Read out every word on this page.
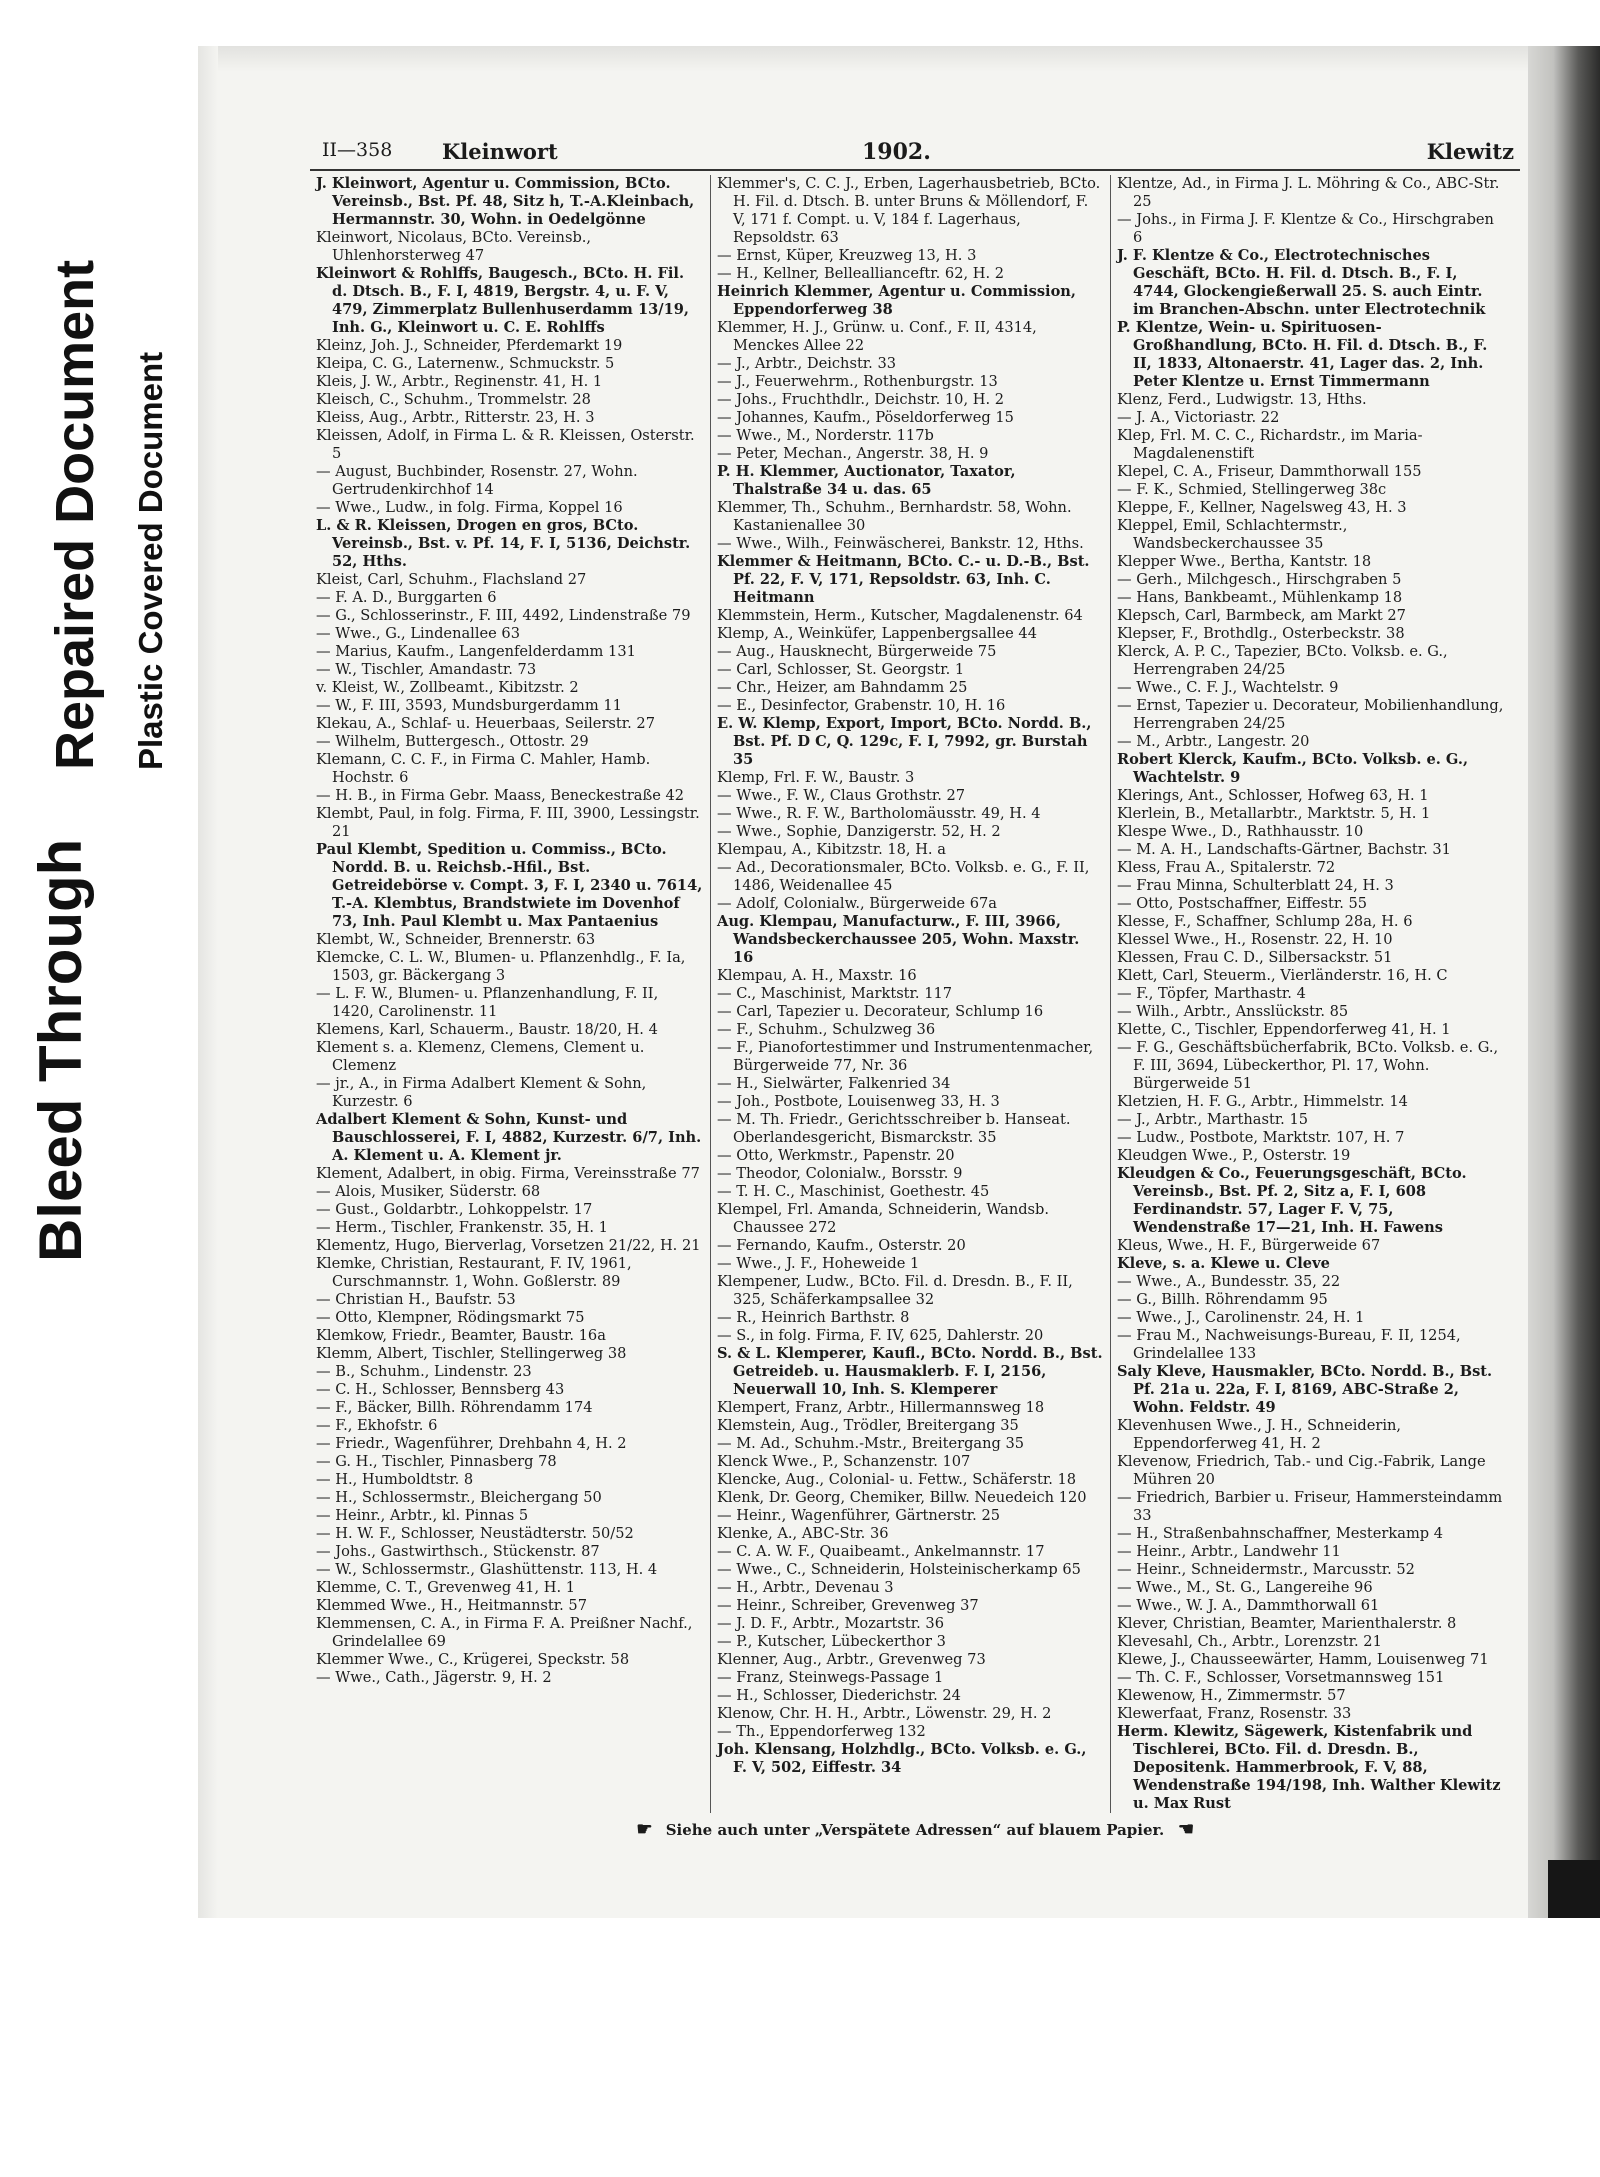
Bleed Through
Repaired Document Plastic Covered Document
II—358 Kleinwort	1902.	Klewitz

J. Kleinwort, Agentur u. Commission, BCto. Vereinsb., Bst. Pf. 48, Sitz h, T.-A.Kleinbach, Hermannstr. 30, Wohn. in Oedelgönne

Kleinwort, Nicolaus, BCto. Vereinsb., Uhlenhorsterweg 47

Kleinwort & Rohlffs, Baugesch., BCto. H. Fil. d. Dtsch. B., F. I, 4819, Bergstr. 4, u. F. V, 479, Zimmerplatz Bullenhuserdamm 13/19, Inh. G., Kleinwort u. C. E. Rohlffs

Kleinz, Joh. J., Schneider, Pferdemarkt 19

Kleipa, C. G., Laternenw., Schmuckstr. 5

Kleis, J. W., Arbtr., Reginenstr. 41, H. 1

Kleisch, C., Schuhm., Trommelstr. 28

Kleiss, Aug., Arbtr., Ritterstr. 23, H. 3

Kleissen, Adolf, in Firma L. & R. Kleissen, Osterstr. 5

— August, Buchbinder, Rosenstr. 27, Wohn. Gertrudenkirchhof 14

— Wwe., Ludw., in folg. Firma, Koppel 16

L. & R. Kleissen, Drogen en gros, BCto. Vereinsb., Bst. v. Pf. 14, F. I, 5136, Deichstr. 52, Hths.

Kleist, Carl, Schuhm., Flachsland 27

— F. A. D., Burggarten 6

— G., Schlosserinstr., F. III, 4492, Lindenstraße 79

— Wwe., G., Lindenallee 63

— Marius, Kaufm., Langenfelderdamm 131

— W., Tischler, Amandastr. 73

v. Kleist, W., Zollbeamt., Kibitzstr. 2

— W., F. III, 3593, Mundsburgerdamm 11

Klekau, A., Schlaf- u. Heuerbaas, Seilerstr. 27

— Wilhelm, Buttergesch., Ottostr. 29

Klemann, C. C. F., in Firma C. Mahler, Hamb. Hochstr. 6

— H. B., in Firma Gebr. Maass, Beneckestraße 42

Klembt, Paul, in folg. Firma, F. III, 3900, Lessingstr. 21

Paul Klembt, Spedition u. Commiss., BCto. Nordd. B. u. Reichsb.-Hfil., Bst. Getreidebörse v. Compt. 3, F. I, 2340 u. 7614, T.-A. Klembtus, Brandstwiete im Dovenhof 73, Inh. Paul Klembt u. Max Pantaenius

Klembt, W., Schneider, Brennerstr. 63

Klemcke, C. L. W., Blumen- u. Pflanzenhdlg., F. Ia, 1503, gr. Bäckergang 3

— L. F. W., Blumen- u. Pflanzenhandlung, F. II, 1420, Carolinenstr. 11

Klemens, Karl, Schauerm., Baustr. 18/20, H. 4

Klement s. a. Klemenz, Clemens, Clement u. Clemenz

— jr., A., in Firma Adalbert Klement & Sohn, Kurzestr. 6

Adalbert Klement & Sohn, Kunst- und Bauschlosserei, F. I, 4882, Kurzestr. 6/7, Inh. A. Klement u. A. Klement jr.

Klement, Adalbert, in obig. Firma, Vereinsstraße 77

— Alois, Musiker, Süderstr. 68

— Gust., Goldarbtr., Lohkoppelstr. 17

— Herm., Tischler, Frankenstr. 35, H. 1

Klementz, Hugo, Bierverlag, Vorsetzen 21/22, H. 21

Klemke, Christian, Restaurant, F. IV, 1961, Curschmannstr. 1, Wohn. Goßlerstr. 89

— Christian H., Baufstr. 53

— Otto, Klempner, Rödingsmarkt 75

Klemkow, Friedr., Beamter, Baustr. 16a

Klemm, Albert, Tischler, Stellingerweg 38

— B., Schuhm., Lindenstr. 23

— C. H., Schlosser, Bennsberg 43

— F., Bäcker, Billh. Röhrendamm 174

— F., Ekhofstr. 6

— Friedr., Wagenführer, Drehbahn 4, H. 2

— G. H., Tischler, Pinnasberg 78

— H., Humboldtstr. 8

— H., Schlossermstr., Bleichergang 50

— Heinr., Arbtr., kl. Pinnas 5

— H. W. F., Schlosser, Neustädterstr. 50/52

— Johs., Gastwirthsch., Stückenstr. 87

— W., Schlossermstr., Glashüttenstr. 113, H. 4

Klemme, C. T., Grevenweg 41, H. 1

Klemmed Wwe., H., Heitmannstr. 57

Klemmensen, C. A., in Firma F. A. Preißner Nachf., Grindelallee 69

Klemmer Wwe., C., Krügerei, Speckstr. 58

— Wwe., Cath., Jägerstr. 9, H. 2

Klemmer's, C. C. J., Erben, Lagerhausbetrieb, BCto. H. Fil. d. Dtsch. B. unter Bruns & Möllendorf, F. V, 171 f. Compt. u. V, 184 f. Lagerhaus, Repsoldstr. 63

— Ernst, Küper, Kreuzweg 13, H. 3

— H., Kellner, Belleallianceftr. 62, H. 2

Heinrich Klemmer, Agentur u. Commission, Eppendorferweg 38

Klemmer, H. J., Grünw. u. Conf., F. II, 4314, Menckes Allee 22

— J., Arbtr., Deichstr. 33

— J., Feuerwehrm., Rothenburgstr. 13

— Johs., Fruchthdlr., Deichstr. 10, H. 2

— Johannes, Kaufm., Pöseldorferweg 15

— Wwe., M., Norderstr. 117b

— Peter, Mechan., Angerstr. 38, H. 9

P. H. Klemmer, Auctionator, Taxator, Thalstraße 34 u. das. 65

Klemmer, Th., Schuhm., Bernhardstr. 58, Wohn. Kastanienallee 30

— Wwe., Wilh., Feinwäscherei, Bankstr. 12, Hths.

Klemmer & Heitmann, BCto. C.- u. D.-B., Bst. Pf. 22, F. V, 171, Repsoldstr. 63, Inh. C. Heitmann

Klemmstein, Herm., Kutscher, Magdalenenstr. 64

Klemp, A., Weinküfer, Lappenbergsallee 44

— Aug., Hausknecht, Bürgerweide 75

— Carl, Schlosser, St. Georgstr. 1

— Chr., Heizer, am Bahndamm 25

— E., Desinfector, Grabenstr. 10, H. 16

E. W. Klemp, Export, Import, BCto. Nordd. B., Bst. Pf. D C, Q. 129c, F. I, 7992, gr. Burstah 35

Klemp, Frl. F. W., Baustr. 3

— Wwe., F. W., Claus Grothstr. 27

— Wwe., R. F. W., Bartholomäusstr. 49, H. 4

— Wwe., Sophie, Danzigerstr. 52, H. 2

Klempau, A., Kibitzstr. 18, H. a

— Ad., Decorationsmaler, BCto. Volksb. e. G., F. II, 1486, Weidenallee 45

— Adolf, Colonialw., Bürgerweide 67a

Aug. Klempau, Manufacturw., F. III, 3966, Wandsbeckerchaussee 205, Wohn. Maxstr. 16

Klempau, A. H., Maxstr. 16

— C., Maschinist, Marktstr. 117

— Carl, Tapezier u. Decorateur, Schlump 16

— F., Schuhm., Schulzweg 36

— F., Pianofortestimmer und Instrumentenmacher, Bürgerweide 77, Nr. 36

— H., Sielwärter, Falkenried 34

— Joh., Postbote, Louisenweg 33, H. 3

— M. Th. Friedr., Gerichtsschreiber b. Hanseat. Oberlandesgericht, Bismarckstr. 35

— Otto, Werkmstr., Papenstr. 20

— Theodor, Colonialw., Borsstr. 9

— T. H. C., Maschinist, Goethestr. 45

Klempel, Frl. Amanda, Schneiderin, Wandsb. Chaussee 272

— Fernando, Kaufm., Osterstr. 20

— Wwe., J. F., Hoheweide 1

Klempener, Ludw., BCto. Fil. d. Dresdn. B., F. II, 325, Schäferkampsallee 32

— R., Heinrich Barthstr. 8

— S., in folg. Firma, F. IV, 625, Dahlerstr. 20

S. & L. Klemperer, Kaufl., BCto. Nordd. B., Bst. Getreidеb. u. Hausmaklerb. F. I, 2156, Neuerwall 10, Inh. S. Klemperer

Klempert, Franz, Arbtr., Hillermannsweg 18

Klemstein, Aug., Trödler, Breitergang 35

— M. Ad., Schuhm.-Mstr., Breitergang 35

Klenck Wwe., P., Schanzenstr. 107

Klencke, Aug., Colonial- u. Fettw., Schäferstr. 18

Klenk, Dr. Georg, Chemiker, Billw. Neuedeich 120

— Heinr., Wagenführer, Gärtnerstr. 25

Klenke, A., ABC-Str. 36

— C. A. W. F., Quaibeamt., Ankelmannstr. 17

— Wwe., C., Schneiderin, Holsteinischerkamp 65

— H., Arbtr., Devenau 3

— Heinr., Schreiber, Grevenweg 37

— J. D. F., Arbtr., Mozartstr. 36

— P., Kutscher, Lübeckerthor 3

Klenner, Aug., Arbtr., Grevenweg 73

— Franz, Steinwegs-Passage 1

— H., Schlosser, Diederichstr. 24

Klenow, Chr. H. H., Arbtr., Löwenstr. 29, H. 2

— Th., Eppendorferweg 132

Joh. Klensang, Holzhdlg., BCto. Volksb. e. G., F. V, 502, Eiffestr. 34

Klentze, Ad., in Firma J. L. Möhring & Co., ABC-Str. 25

— Johs., in Firma J. F. Klentze & Co., Hirschgraben 6

J. F. Klentze & Co., Electrotechnisches Geschäft, BCto. H. Fil. d. Dtsch. B., F. I, 4744, Glockengießerwall 25. S. auch Eintr. im Branchen-Abschn. unter Electrotechnik

P. Klentze, Wein- u. Spirituosen-Großhandlung, BCto. H. Fil. d. Dtsch. B., F. II, 1833, Altonaerstr. 41, Lager das. 2, Inh. Peter Klentze u. Ernst Timmermann

Klenz, Ferd., Ludwigstr. 13, Hths.

— J. A., Victoriastr. 22

Klep, Frl. M. C. C., Richardstr., im Maria-Magdalenenstift

Klepel, C. A., Friseur, Dammthorwall 155

— F. K., Schmied, Stellingerweg 38c

Kleppe, F., Kellner, Nagelsweg 43, H. 3

Kleppel, Emil, Schlachtermstr., Wandsbeckerchaussee 35

Klepper Wwe., Bertha, Kantstr. 18

— Gerh., Milchgesch., Hirschgraben 5

— Hans, Bankbeamt., Mühlenkamp 18

Klepsch, Carl, Barmbeck, am Markt 27

Klepser, F., Brothdlg., Osterbeckstr. 38

Klerck, A. P. C., Tapezier, BCto. Volksb. e. G., Herrengraben 24/25

— Wwe., C. F. J., Wachtelstr. 9

— Ernst, Tapezier u. Decorateur, Mobilienhandlung, Herrengraben 24/25

— M., Arbtr., Langestr. 20

Robert Klerck, Kaufm., BCto. Volksb. e. G., Wachtelstr. 9

Klerings, Ant., Schlosser, Hofweg 63, H. 1

Klerlein, B., Metallarbtr., Marktstr. 5, H. 1

Klespe Wwe., D., Rathhausstr. 10

— M. A. H., Landschafts-Gärtner, Bachstr. 31

Kless, Frau A., Spitalerstr. 72

— Frau Minna, Schulterblatt 24, H. 3

— Otto, Postschaffner, Eiffestr. 55

Klesse, F., Schaffner, Schlump 28a, H. 6

Klessel Wwe., H., Rosenstr. 22, H. 10

Klessen, Frau C. D., Silbersackstr. 51

Klett, Carl, Steuerm., Vierländerstr. 16, H. C

— F., Töpfer, Marthastr. 4

— Wilh., Arbtr., Ansslückstr. 85

Klette, C., Tischler, Eppendorferweg 41, H. 1

— F. G., Geschäftsbücherfabrik, BCto. Volksb. e. G., F. III, 3694, Lübeckerthor, Pl. 17, Wohn. Bürgerweide 51

Kletzien, H. F. G., Arbtr., Himmelstr. 14

— J., Arbtr., Marthastr. 15

— Ludw., Postbote, Marktstr. 107, H. 7

Kleudgen Wwe., P., Osterstr. 19

Kleudgen & Co., Feuerungsgeschäft, BCto. Vereinsb., Bst. Pf. 2, Sitz a, F. I, 608 Ferdinandstr. 57, Lager F. V, 75, Wendenstraße 17—21, Inh. H. Fawens

Kleus, Wwe., H. F., Bürgerweide 67

Kleve, s. a. Klewe u. Cleve

— Wwe., A., Bundesstr. 35, 22

— G., Billh. Röhrendamm 95

— Wwe., J., Carolinenstr. 24, H. 1

— Frau M., Nachweisungs-Bureau, F. II, 1254, Grindelallee 133

Saly Kleve, Hausmakler, BCto. Nordd. B., Bst. Pf. 21a u. 22a, F. I, 8169, ABC-Straße 2, Wohn. Feldstr. 49

Klevenhusen Wwe., J. H., Schneiderin, Eppendorferweg 41, H. 2

Klevenow, Friedrich, Tab.- und Cig.-Fabrik, Lange Mühren 20

— Friedrich, Barbier u. Friseur, Hammersteindamm 33

— H., Straßenbahnschaffner, Mesterkamp 4

— Heinr., Arbtr., Landwehr 11

— Heinr., Schneidermstr., Marcusstr. 52

— Wwe., M., St. G., Langereihe 96

— Wwe., W. J. A., Dammthorwall 61

Klever, Christian, Beamter, Marienthalerstr. 8

Klevesahl, Ch., Arbtr., Lorenzstr. 21

Klewe, J., Chausseewärter, Hamm, Louisenweg 71

— Th. C. F., Schlosser, Vorsetmannsweg 151

Klewenow, H., Zimmermstr. 57

Klewerfaat, Franz, Rosenstr. 33

Herm. Klewitz, Sägewerk, Kistenfabrik und Tischlerei, BCto. Fil. d. Dresdn. B., Depositenk. Hammerbrook, F. V, 88, Wendenstraße 194/198, Inh. Walther Klewitz u. Max Rust

☛ Siehe auch unter „Verspätete Adressen“ auf blauem Papier. ☛
